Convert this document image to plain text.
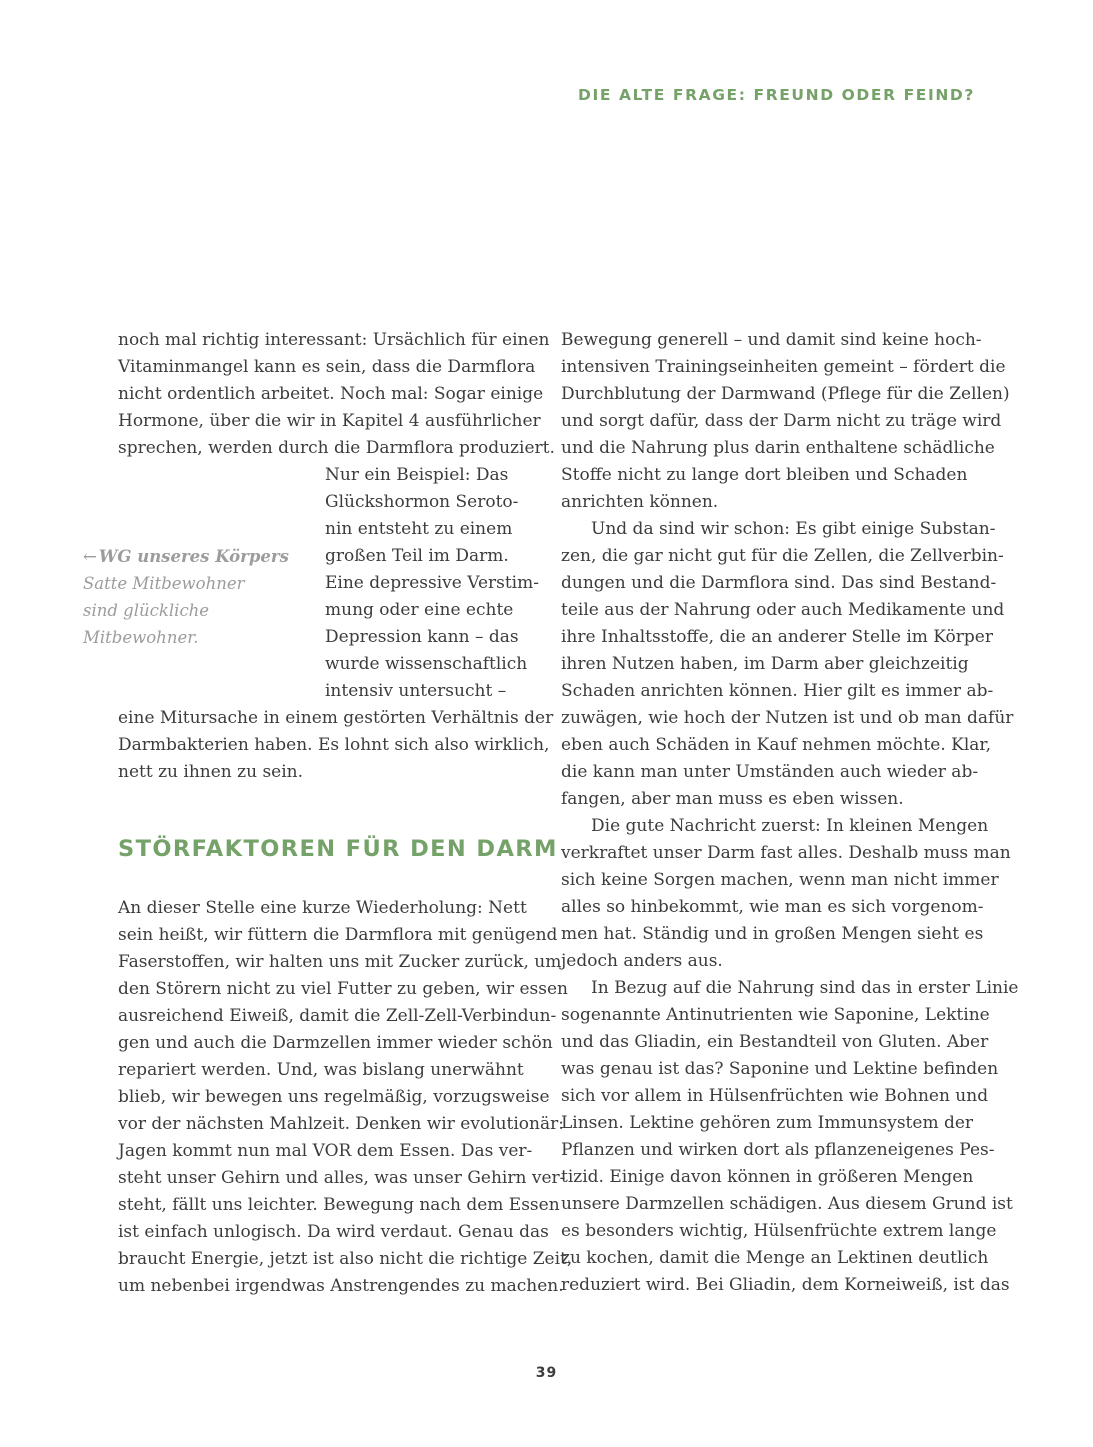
DIE ALTE FRAGE: FREUND ODER FEIND?
noch mal richtig interessant: Ursächlich für einen
Vitaminmangel kann es sein, dass die Darmflora
nicht ordentlich arbeitet. Noch mal: Sogar einige
Hormone, über die wir in Kapitel 4 ausführlicher
sprechen, werden durch die Darmflora produziert.
Nur ein Beispiel: Das
Glückshormon Seroto-
nin entsteht zu einem
großen Teil im Darm.
Eine depressive Verstim-
mung oder eine echte
Depression kann – das
wurde wissenschaftlich
intensiv untersucht –
eine Mitursache in einem gestörten Verhältnis der
Darmbakterien haben. Es lohnt sich also wirklich,
nett zu ihnen zu sein.
STÖRFAKTOREN FÜR DEN DARM
An dieser Stelle eine kurze Wiederholung: Nett
sein heißt, wir füttern die Darmflora mit genügend
Faserstoffen, wir halten uns mit Zucker zurück, um
den Störern nicht zu viel Futter zu geben, wir essen
ausreichend Eiweiß, damit die Zell-Zell-Verbindun-
gen und auch die Darmzellen immer wieder schön
repariert werden. Und, was bislang unerwähnt
blieb, wir bewegen uns regelmäßig, vorzugsweise
vor der nächsten Mahlzeit. Denken wir evolutionär:
Jagen kommt nun mal VOR dem Essen. Das ver-
steht unser Gehirn und alles, was unser Gehirn ver-
steht, fällt uns leichter. Bewegung nach dem Essen
ist einfach unlogisch. Da wird verdaut. Genau das
braucht Energie, jetzt ist also nicht die richtige Zeit,
um nebenbei irgendwas Anstrengendes zu machen.
← WG unseres Körpers
Satte Mitbewohner
sind glückliche
Mitbewohner.
Bewegung generell – und damit sind keine hoch-
intensiven Trainingseinheiten gemeint – fördert die
Durchblutung der Darmwand (Pflege für die Zellen)
und sorgt dafür, dass der Darm nicht zu träge wird
und die Nahrung plus darin enthaltene schädliche
Stoffe nicht zu lange dort bleiben und Schaden
anrichten können.
Und da sind wir schon: Es gibt einige Substan-
zen, die gar nicht gut für die Zellen, die Zellverbin-
dungen und die Darmflora sind. Das sind Bestand-
teile aus der Nahrung oder auch Medikamente und
ihre Inhaltsstoffe, die an anderer Stelle im Körper
ihren Nutzen haben, im Darm aber gleichzeitig
Schaden anrichten können. Hier gilt es immer ab-
zuwägen, wie hoch der Nutzen ist und ob man dafür
eben auch Schäden in Kauf nehmen möchte. Klar,
die kann man unter Umständen auch wieder ab-
fangen, aber man muss es eben wissen.
Die gute Nachricht zuerst: In kleinen Mengen
verkraftet unser Darm fast alles. Deshalb muss man
sich keine Sorgen machen, wenn man nicht immer
alles so hinbekommt, wie man es sich vorgenom-
men hat. Ständig und in großen Mengen sieht es
jedoch anders aus.
In Bezug auf die Nahrung sind das in erster Linie
sogenannte Antinutrienten wie Saponine, Lektine
und das Gliadin, ein Bestandteil von Gluten. Aber
was genau ist das? Saponine und Lektine befinden
sich vor allem in Hülsenfrüchten wie Bohnen und
Linsen. Lektine gehören zum Immunsystem der
Pflanzen und wirken dort als pflanzeneigenes Pes-
tizid. Einige davon können in größeren Mengen
unsere Darmzellen schädigen. Aus diesem Grund ist
es besonders wichtig, Hülsenfrüchte extrem lange
zu kochen, damit die Menge an Lektinen deutlich
reduziert wird. Bei Gliadin, dem Korneiweiß, ist das
39
